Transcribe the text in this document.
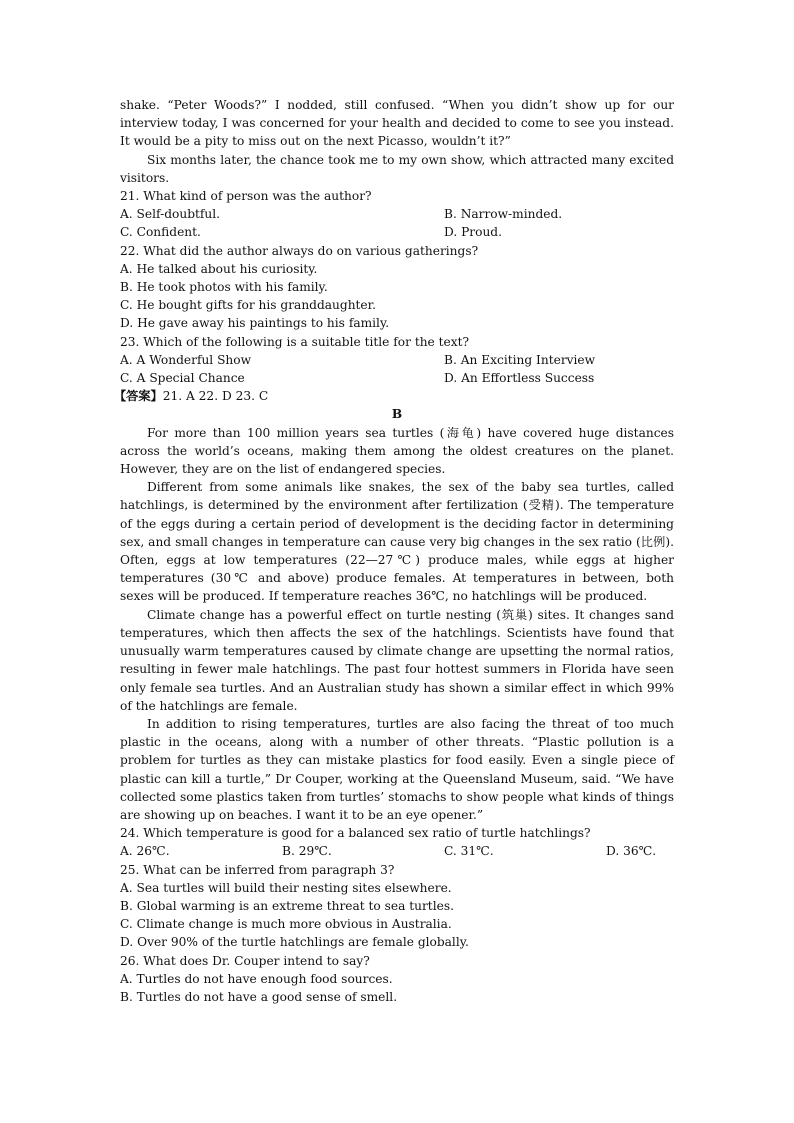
shake. “Peter Woods?” I nodded, still confused. “When you didn’t show up for our interview today, I was concerned for your health and decided to come to see you instead. It would be a pity to miss out on the next Picasso, wouldn’t it?”

Six months later, the chance took me to my own show, which attracted many excited visitors.

21. What kind of person was the author?

A. Self-doubtful.	B. Narrow-minded.
C. Confident.	D. Proud.

22. What did the author always do on various gatherings?

A. He talked about his curiosity.

B. He took photos with his family.

C. He bought gifts for his granddaughter.

D. He gave away his paintings to his family.

23. Which of the following is a suitable title for the text?

A. A Wonderful Show	B. An Exciting Interview
C. A Special Chance	D. An Effortless Success

【答案】21. A 22. D 23. C

B

For more than 100 million years sea turtles (海龟) have covered huge distances across the world’s oceans, making them among the oldest creatures on the planet. However, they are on the list of endangered species.

Different from some animals like snakes, the sex of the baby sea turtles, called hatchlings, is determined by the environment after fertilization (受精). The temperature of the eggs during a certain period of development is the deciding factor in determining sex, and small changes in temperature can cause very big changes in the sex ratio (比例). Often, eggs at low temperatures (22—27℃) produce males, while eggs at higher temperatures (30℃ and above) produce females. At temperatures in between, both sexes will be produced. If temperature reaches 36℃, no hatchlings will be produced.

Climate change has a powerful effect on turtle nesting (筑巢) sites. It changes sand temperatures, which then affects the sex of the hatchlings. Scientists have found that unusually warm temperatures caused by climate change are upsetting the normal ratios, resulting in fewer male hatchlings. The past four hottest summers in Florida have seen only female sea turtles. And an Australian study has shown a similar effect in which 99% of the hatchlings are female.

In addition to rising temperatures, turtles are also facing the threat of too much plastic in the oceans, along with a number of other threats. “Plastic pollution is a problem for turtles as they can mistake plastics for food easily. Even a single piece of plastic can kill a turtle,” Dr Couper, working at the Queensland Museum, said. “We have collected some plastics taken from turtles’ stomachs to show people what kinds of things are showing up on beaches. I want it to be an eye opener.”

24. Which temperature is good for a balanced sex ratio of turtle hatchlings?

A. 26℃.	B. 29℃.	C. 31℃.	D. 36℃.

25. What can be inferred from paragraph 3?

A. Sea turtles will build their nesting sites elsewhere.

B. Global warming is an extreme threat to sea turtles.

C. Climate change is much more obvious in Australia.

D. Over 90% of the turtle hatchlings are female globally.

26. What does Dr. Couper intend to say?

A. Turtles do not have enough food sources.

B. Turtles do not have a good sense of smell.
